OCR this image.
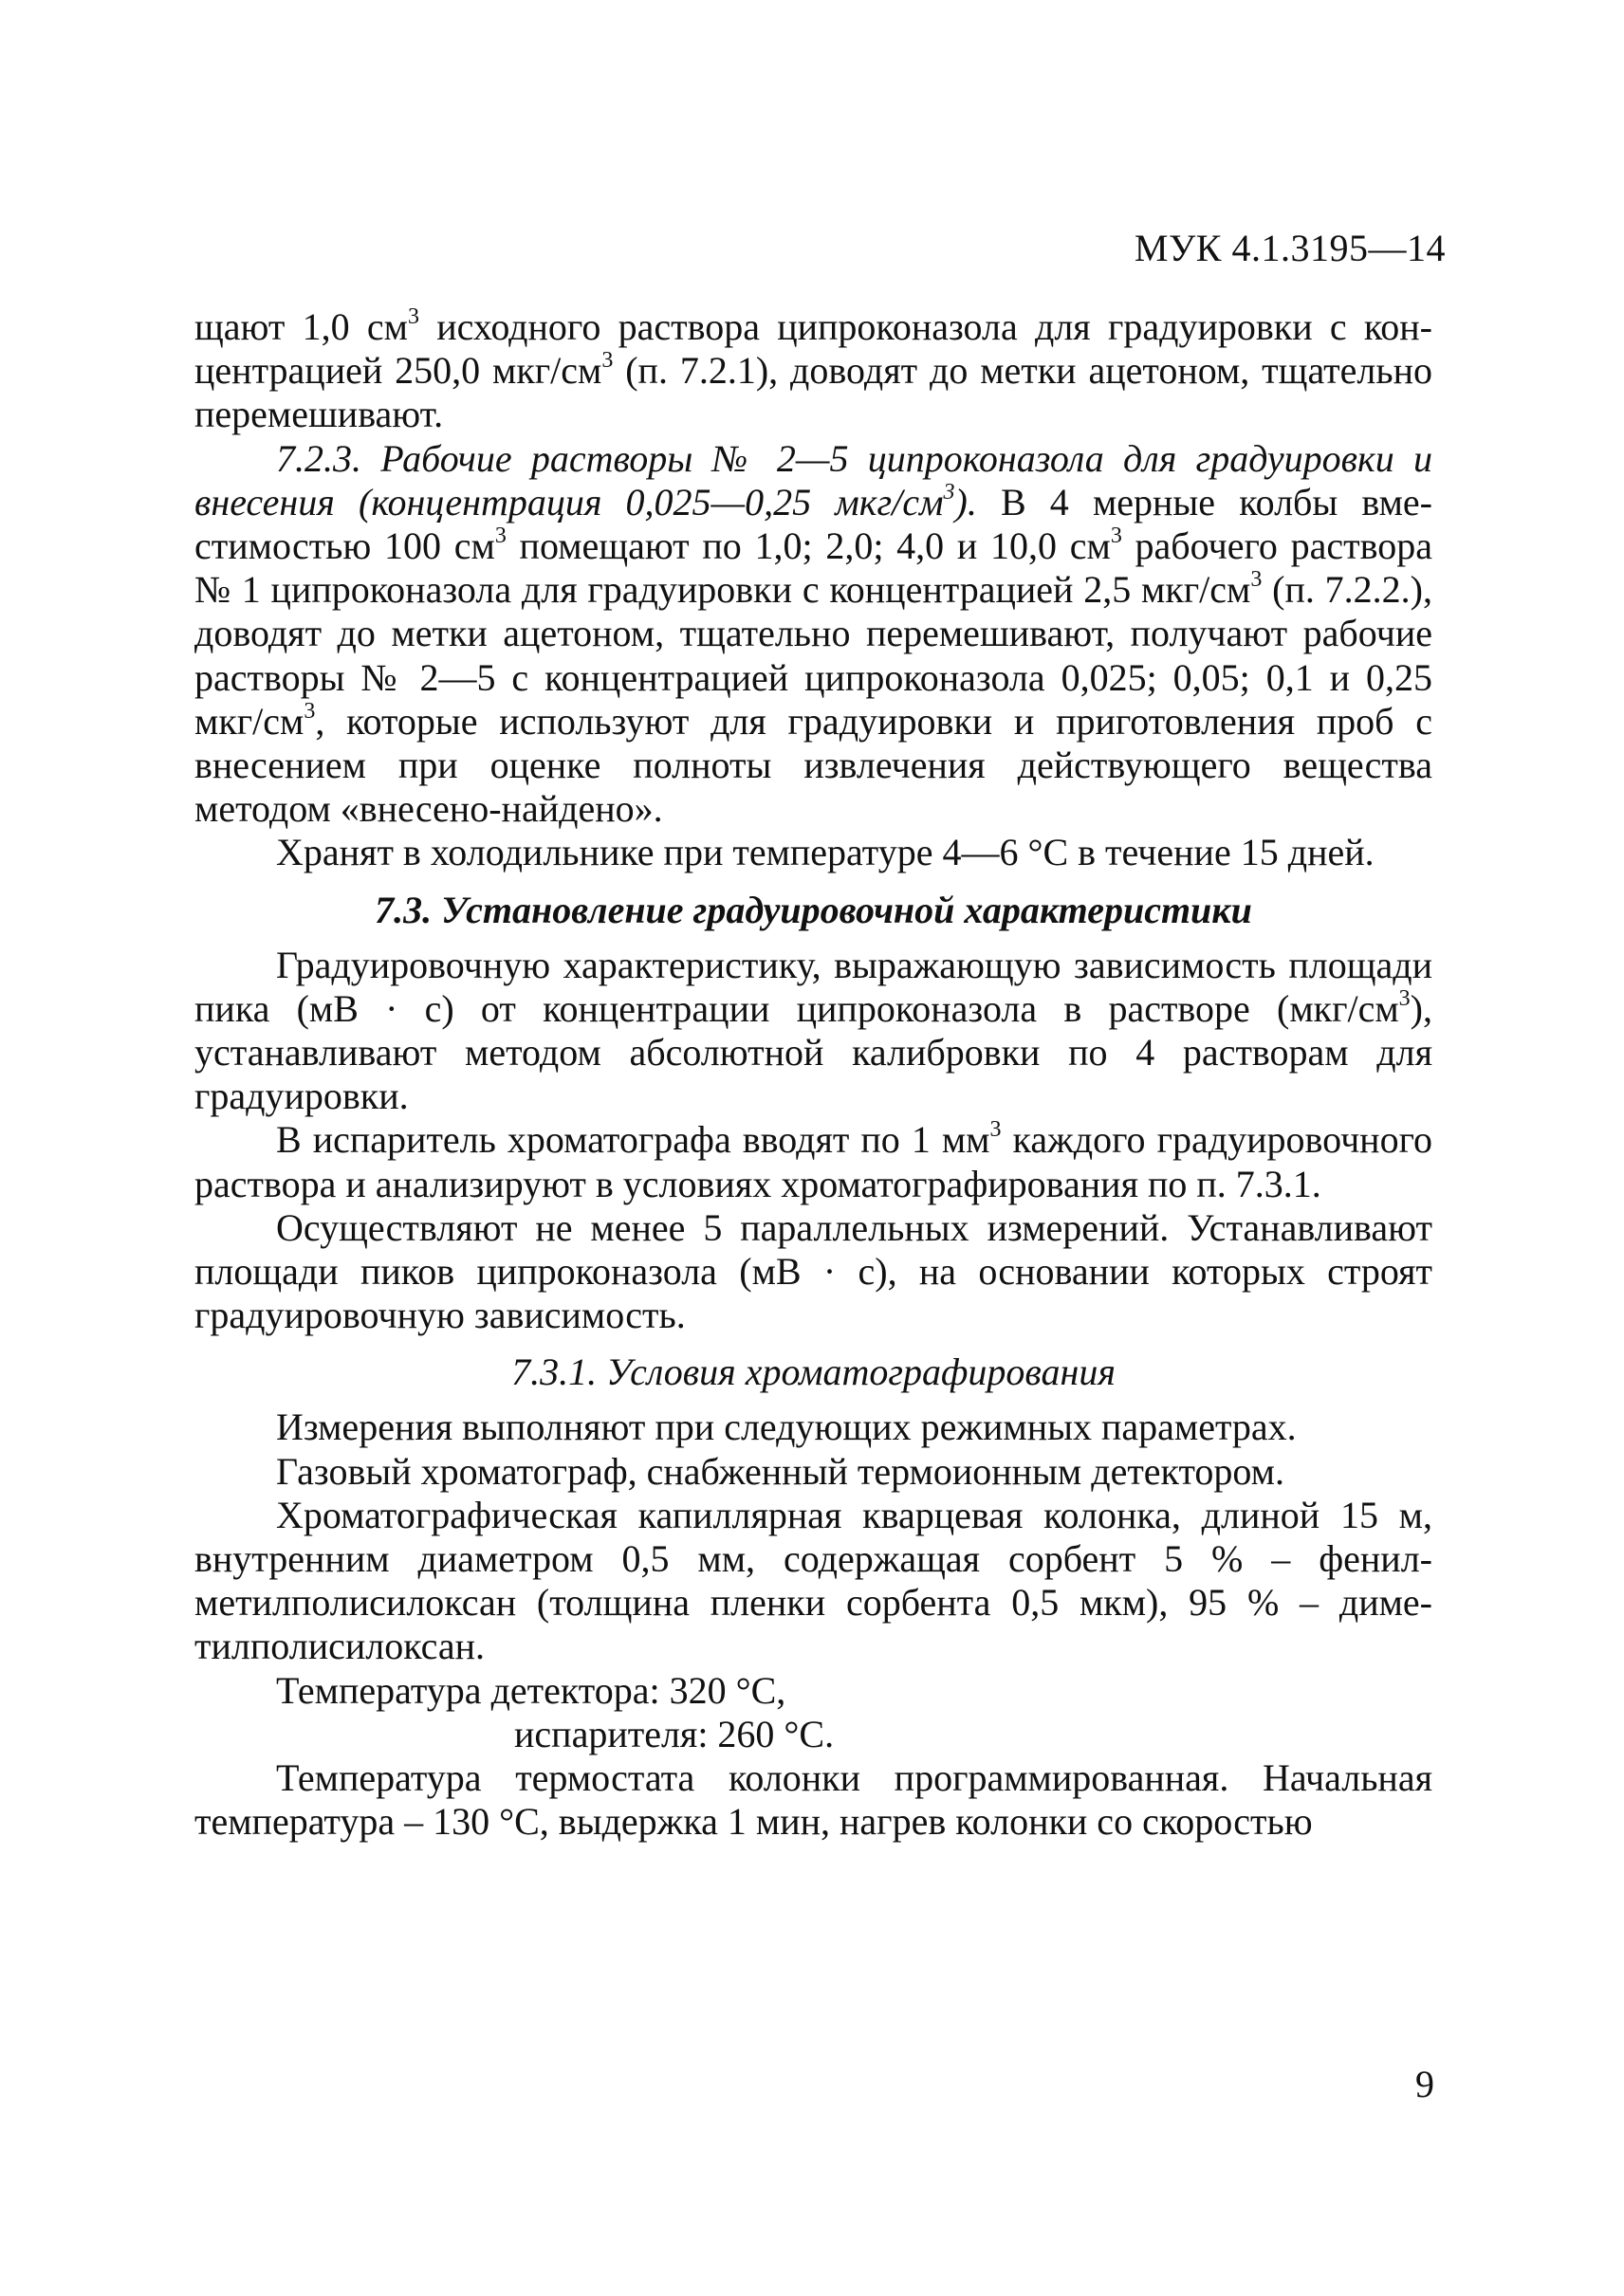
МУК 4.1.3195—14

щают 1,0 $см^3$ исходного раствора ципроконазола для градуировки с концентрацией 250,0 мкг/$см^3$ (п. 7.2.1), доводят до метки ацетоном, тщательно перемешивают.

7.2.3. Рабочие растворы № 2—5 ципроконазола для градуировки и внесения (концентрация 0,025—0,25 мкг/$см^3$). В 4 мерные колбы вместимостью 100 $см^3$ помещают по 1,0; 2,0; 4,0 и 10,0 $см^3$ рабочего раствора № 1 ципроконазола для градуировки с концентрацией 2,5 мкг/$см^3$ (п. 7.2.2.), доводят до метки ацетоном, тщательно перемешивают, получают рабочие растворы № 2—5 с концентрацией ципроконазола 0,025; 0,05; 0,1 и 0,25 мкг/$см^3$, которые используют для градуировки и приготовления проб с внесением при оценке полноты извлечения действующего вещества методом «внесено-найдено».

Хранят в холодильнике при температуре 4—6 °С в течение 15 дней.

7.3. Установление градуировочной характеристики

Градуировочную характеристику, выражающую зависимость площади пика (мВ · с) от концентрации ципроконазола в растворе $(мкг/см^3)$, устанавливают методом абсолютной калибровки по 4 растворам для градуировки.

В испаритель хроматографа вводят по 1 $мм^3$ каждого градуировочного раствора и анализируют в условиях хроматографирования по п. 7.3.1.

Осуществляют не менее 5 параллельных измерений. Устанавливают площади пиков ципроконазола (мВ · с), на основании которых строят градуировочную зависимость.

7.3.1. Условия хроматографирования

Измерения выполняют при следующих режимных параметрах.

Газовый хроматограф, снабженный термоионным детектором.

Хроматографическая капиллярная кварцевая колонка, длиной 15 м, внутренним диаметром 0,5 мм, содержащая сорбент 5 % – фенилметилполисилоксан (толщина пленки сорбента 0,5 мкм), 95 % – диметилполисилоксан.

Температура детектора: 320 °С,

испарителя: 260 °С.

Температура термостата колонки программированная. Начальная температура – 130 °С, выдержка 1 мин, нагрев колонки со скоростью

9
